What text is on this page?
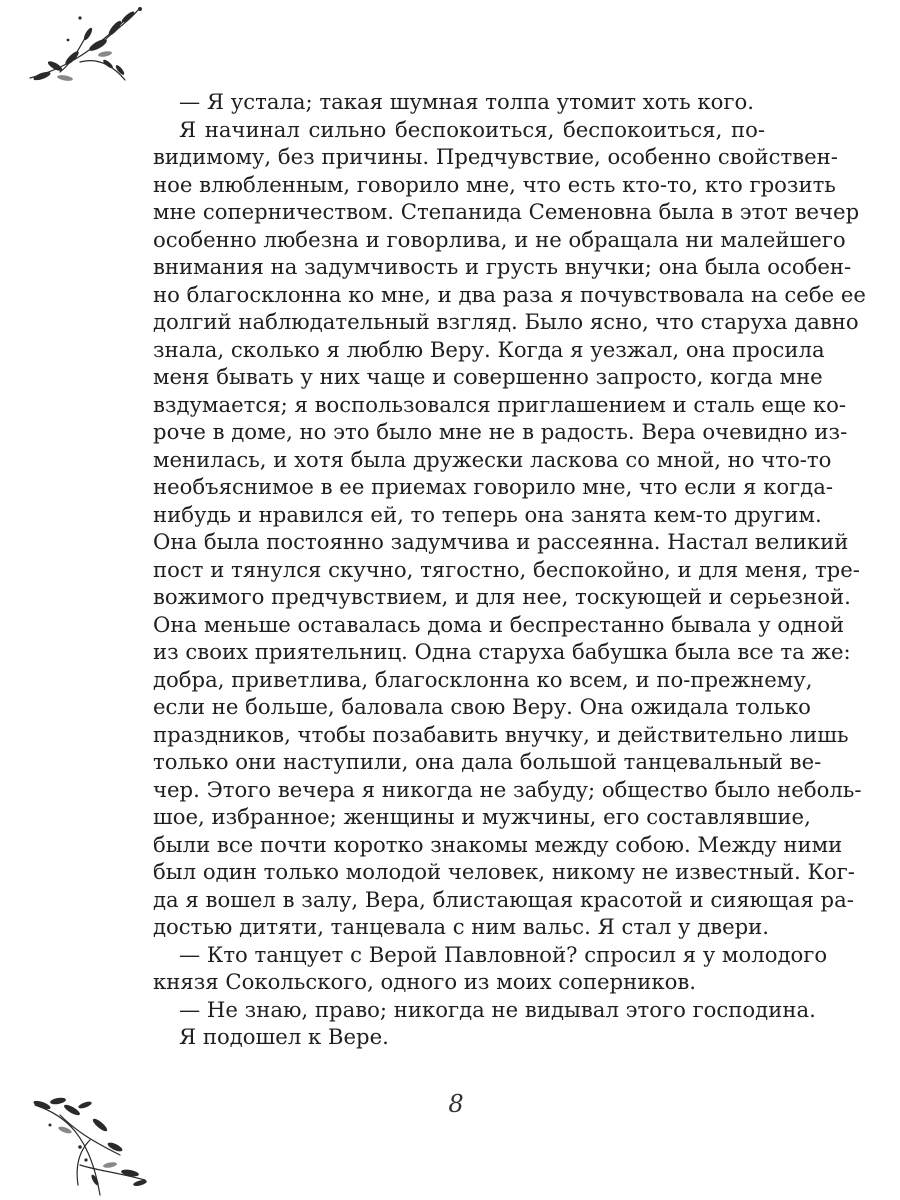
— Я устала; такая шумная толпа утомит хоть кого.
Я начинал сильно беспокоиться, беспокоиться, по-
видимому, без причины. Предчувствие, особенно свойствен-
ное влюбленным, говорило мне, что есть кто-то, кто грозить
мне соперничеством. Степанида Семеновна была в этот вечер
особенно любезна и говорлива, и не обращала ни малейшего
внимания на задумчивость и грусть внучки; она была особен-
но благосклонна ко мне, и два раза я почувствовала на себе ее
долгий наблюдательный взгляд. Было ясно, что старуха давно
знала, сколько я люблю Веру. Когда я уезжал, она просила
меня бывать у них чаще и совершенно запросто, когда мне
вздумается; я воспользовался приглашением и сталь еще ко-
роче в доме, но это было мне не в радость. Вера очевидно из-
менилась, и хотя была дружески ласкова со мной, но что-то
необъяснимое в ее приемах говорило мне, что если я когда-
нибудь и нравился ей, то теперь она занята кем-то другим.
Она была постоянно задумчива и рассеянна. Настал великий
пост и тянулся скучно, тягостно, беспокойно, и для меня, тре-
вожимого предчувствием, и для нее, тоскующей и серьезной.
Она меньше оставалась дома и беспрестанно бывала у одной
из своих приятельниц. Одна старуха бабушка была все та же:
добра, приветлива, благосклонна ко всем, и по-прежнему,
если не больше, баловала свою Веру. Она ожидала только
праздников, чтобы позабавить внучку, и действительно лишь
только они наступили, она дала большой танцевальный ве-
чер. Этого вечера я никогда не забуду; общество было неболь-
шое, избранное; женщины и мужчины, его составлявшие,
были все почти коротко знакомы между собою. Между ними
был один только молодой человек, никому не известный. Ког-
да я вошел в залу, Вера, блистающая красотой и сияющая ра-
достью дитяти, танцевала с ним вальс. Я стал у двери.
— Кто танцует с Верой Павловной? спросил я у молодого
князя Сокольского, одного из моих соперников.
— Не знаю, право; никогда не видывал этого господина.
Я подошел к Вере.
8
